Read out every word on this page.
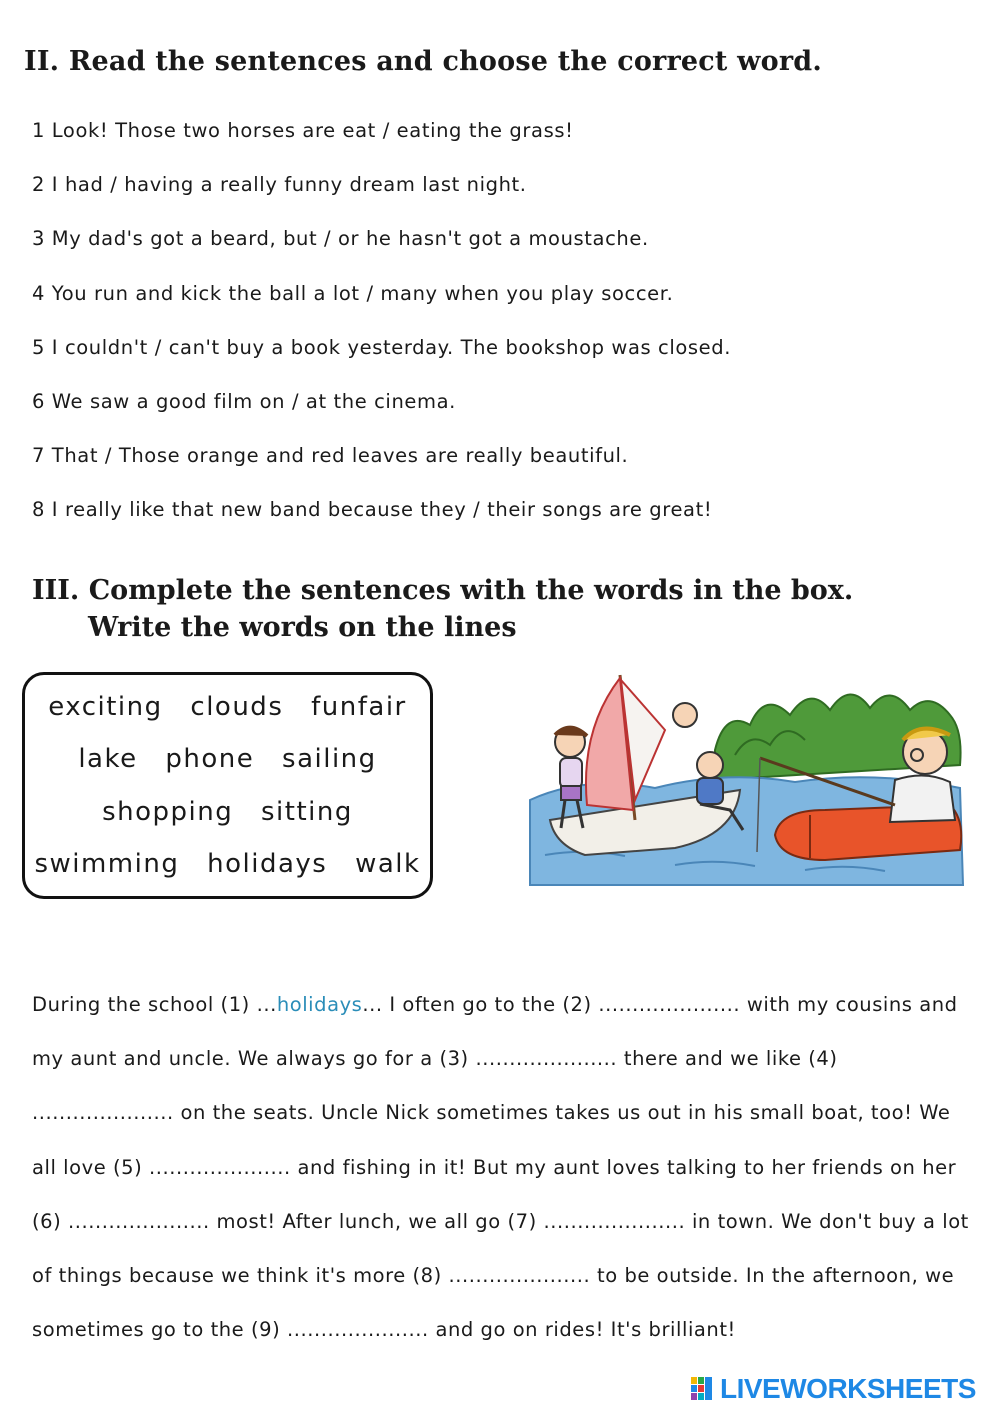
II. Read the sentences and choose the correct word.
1 Look! Those two horses are eat / eating the grass!
2 I had / having a really funny dream last night.
3 My dad's got a beard, but / or he hasn't got a moustache.
4 You run and kick the ball a lot / many when you play soccer.
5 I couldn't / can't buy a book yesterday. The bookshop was closed.
6 We saw a good film on / at the cinema.
7 That / Those orange and red leaves are really beautiful.
8 I really like that new band because they / their songs are great!
III. Complete the sentences with the words in the box.
Write the words on the lines
exciting clouds funfair
lake phone sailing
shopping sitting
swimming holidays walk

During the school (1) ...holidays... I often go to the (2) ..................... with my cousins and my aunt and uncle. We always go for a (3) ..................... there and we like (4) ..................... on the seats. Uncle Nick sometimes takes us out in his small boat, too! We all love (5) ..................... and fishing in it! But my aunt loves talking to her friends on her (6) ..................... most! After lunch, we all go (7) ..................... in town. We don't buy a lot of things because we think it's more (8) ..................... to be outside. In the afternoon, we sometimes go to the (9) ..................... and go on rides! It's brilliant!

LIVEWORKSHEETS
